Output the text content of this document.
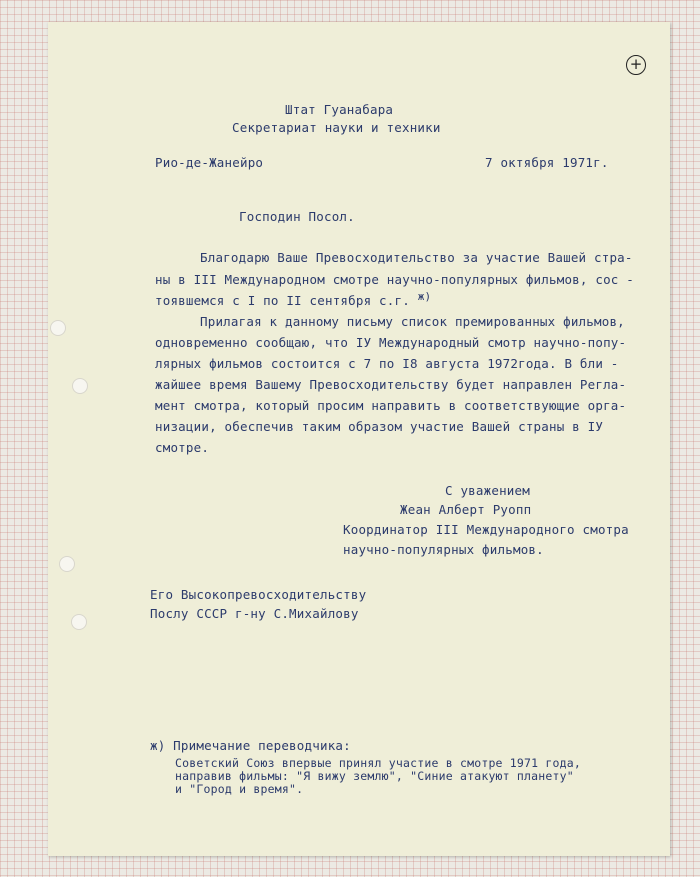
+
Штат Гуанабара
Секретариат науки и техники
Рио-де-Жанейро	7 октября 1971г.
Господин Посол.
Благодарю Ваше Превосходительство за участие Вашей стра-
ны в III Международном смотре научно-популярных фильмов, сос -
тоявшемся с I по II сентября с.г. ж)
Прилагая к данному письму список премированных фильмов,
одновременно сообщаю, что IУ Международный смотр научно-попу-
лярных фильмов состоится с 7 по I8 августа 1972года. В бли -
жайшее время Вашему Превосходительству будет направлен Регла-
мент смотра, который просим направить в соответствующие орга-
низации, обеспечив таким образом участие Вашей страны в IУ
смотре.
С уважением
Жеан Алберт Руопп
Координатор III Международного смотра
научно-популярных фильмов.
Его Высокопревосходительству
Послу СССР г-ну С.Михайлову
ж) Примечание переводчика:
Советский Союз впервые принял участие в смотре 1971 года,
направив фильмы: "Я вижу землю", "Синие атакуют планету"
и "Город и время".
